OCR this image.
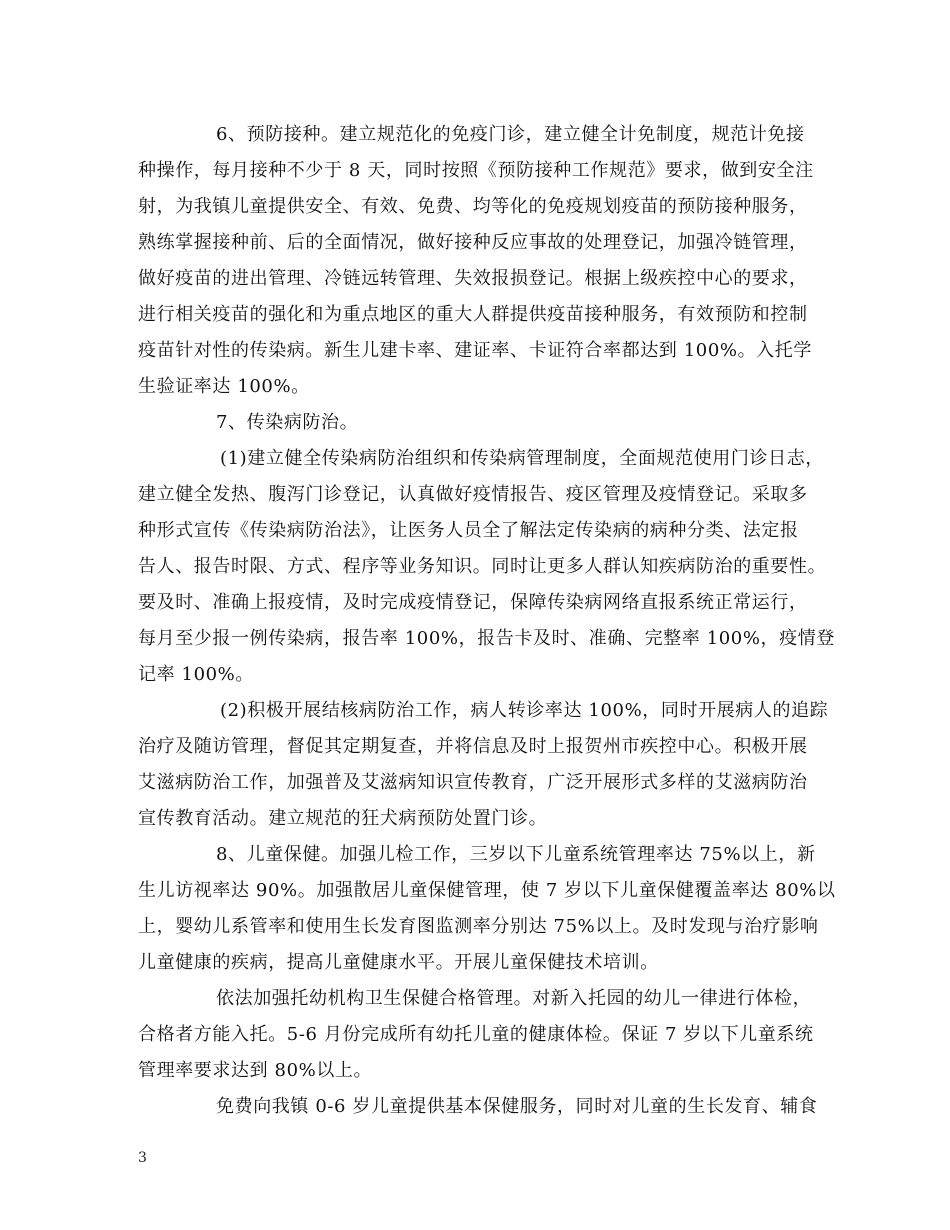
6、预防接种。建立规范化的免疫门诊，建立健全计免制度，规范计免接
种操作，每月接种不少于 8 天，同时按照《预防接种工作规范》要求，做到安全注
射，为我镇儿童提供安全、有效、免费、均等化的免疫规划疫苗的预防接种服务，
熟练掌握接种前、后的全面情况，做好接种反应事故的处理登记，加强冷链管理，
做好疫苗的进出管理、冷链远转管理、失效报损登记。根据上级疾控中心的要求，
进行相关疫苗的强化和为重点地区的重大人群提供疫苗接种服务，有效预防和控制
疫苗针对性的传染病。新生儿建卡率、建证率、卡证符合率都达到 100%。入托学
生验证率达 100%。
7、传染病防治。
(1)建立健全传染病防治组织和传染病管理制度，全面规范使用门诊日志，
建立健全发热、腹泻门诊登记，认真做好疫情报告、疫区管理及疫情登记。采取多
种形式宣传《传染病防治法》，让医务人员全了解法定传染病的病种分类、法定报
告人、报告时限、方式、程序等业务知识。同时让更多人群认知疾病防治的重要性。
要及时、准确上报疫情，及时完成疫情登记，保障传染病网络直报系统正常运行，
每月至少报一例传染病，报告率 100%，报告卡及时、准确、完整率 100%，疫情登
记率 100%。
(2)积极开展结核病防治工作，病人转诊率达 100%，同时开展病人的追踪
治疗及随访管理，督促其定期复查，并将信息及时上报贺州市疾控中心。积极开展
艾滋病防治工作，加强普及艾滋病知识宣传教育，广泛开展形式多样的艾滋病防治
宣传教育活动。建立规范的狂犬病预防处置门诊。
8、儿童保健。加强儿检工作，三岁以下儿童系统管理率达 75%以上，新
生儿访视率达 90%。加强散居儿童保健管理，使 7 岁以下儿童保健覆盖率达 80%以
上，婴幼儿系管率和使用生长发育图监测率分别达 75%以上。及时发现与治疗影响
儿童健康的疾病，提高儿童健康水平。开展儿童保健技术培训。
依法加强托幼机构卫生保健合格管理。对新入托园的幼儿一律进行体检，
合格者方能入托。5-6 月份完成所有幼托儿童的健康体检。保证 7 岁以下儿童系统
管理率要求达到 80%以上。
免费向我镇 0-6 岁儿童提供基本保健服务，同时对儿童的生长发育、辅食
3
